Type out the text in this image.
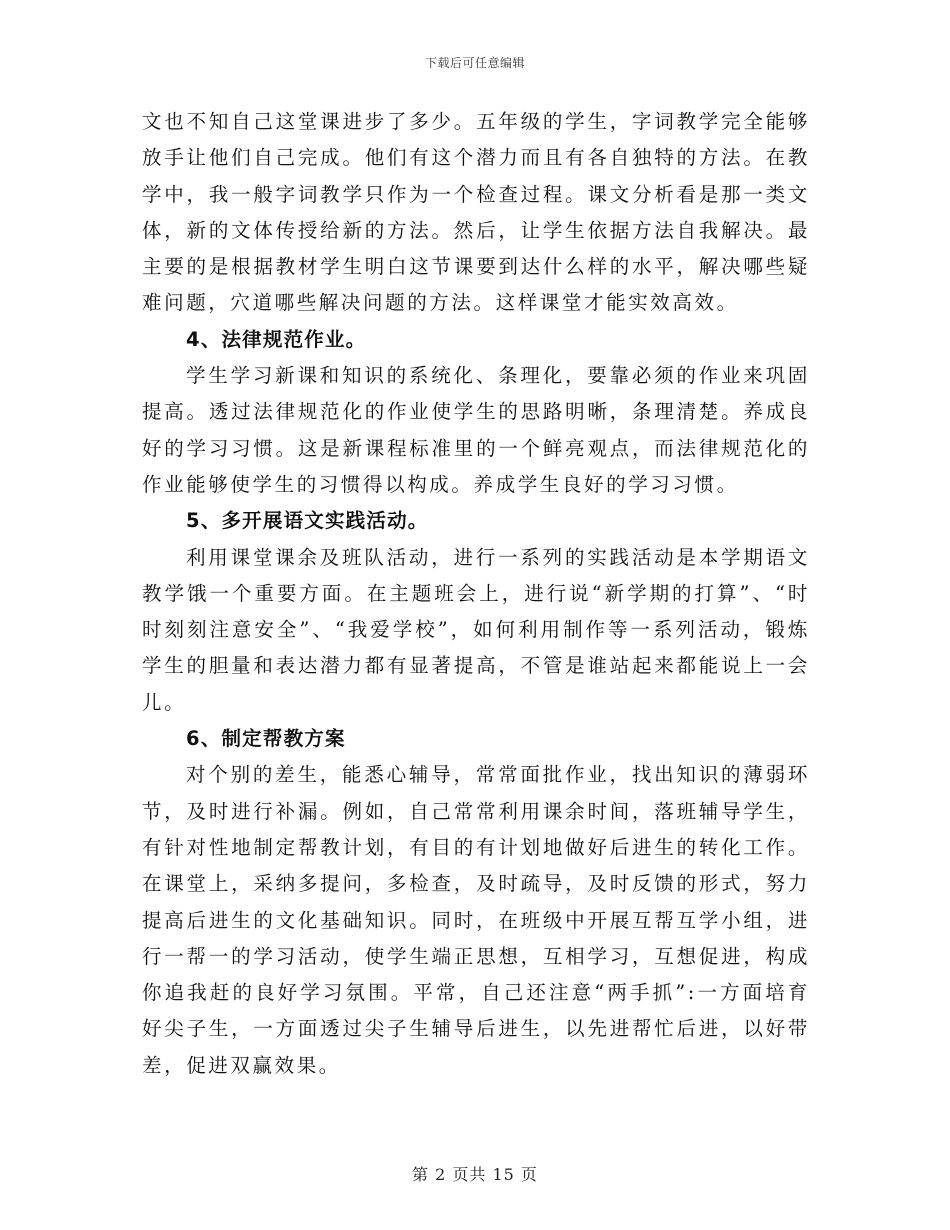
下载后可任意编辑

文也不知自己这堂课进步了多少。五年级的学生，字词教学完全能够放手让他们自己完成。他们有这个潜力而且有各自独特的方法。在教学中，我一般字词教学只作为一个检查过程。课文分析看是那一类文体，新的文体传授给新的方法。然后，让学生依据方法自我解决。最主要的是根据教材学生明白这节课要到达什么样的水平，解决哪些疑难问题，穴道哪些解决问题的方法。这样课堂才能实效高效。

4、法律规范作业。

学生学习新课和知识的系统化、条理化，要靠必须的作业来巩固提高。透过法律规范化的作业使学生的思路明晰，条理清楚。养成良好的学习习惯。这是新课程标准里的一个鲜亮观点，而法律规范化的作业能够使学生的习惯得以构成。养成学生良好的学习习惯。

5、多开展语文实践活动。

利用课堂课余及班队活动，进行一系列的实践活动是本学期语文教学饿一个重要方面。在主题班会上，进行说“新学期的打算”、“时时刻刻注意安全”、“我爱学校”，如何利用制作等一系列活动，锻炼学生的胆量和表达潜力都有显著提高，不管是谁站起来都能说上一会儿。

6、制定帮教方案

对个别的差生，能悉心辅导，常常面批作业，找出知识的薄弱环节，及时进行补漏。例如，自己常常利用课余时间，落班辅导学生，有针对性地制定帮教计划，有目的有计划地做好后进生的转化工作。在课堂上，采纳多提问，多检查，及时疏导，及时反馈的形式，努力提高后进生的文化基础知识。同时，在班级中开展互帮互学小组，进行一帮一的学习活动，使学生端正思想，互相学习，互想促进，构成你追我赶的良好学习氛围。平常，自己还注意“两手抓”:一方面培育好尖子生，一方面透过尖子生辅导后进生，以先进帮忙后进，以好带差，促进双赢效果。

第 2 页共 15 页
